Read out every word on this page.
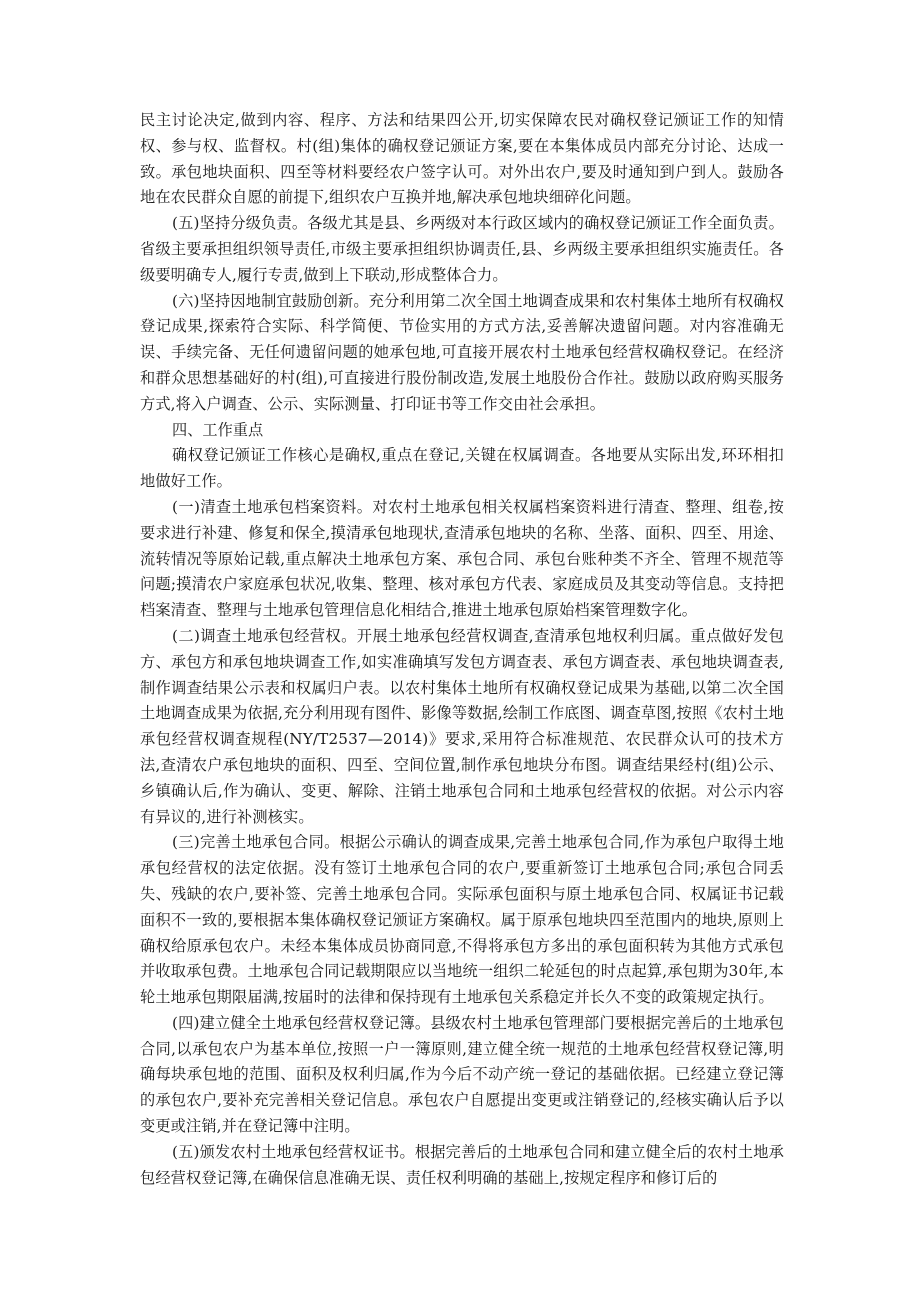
民主讨论决定,做到内容、程序、方法和结果四公开,切实保障农民对确权登记颁证工作的知情权、参与权、监督权。村(组)集体的确权登记颁证方案,要在本集体成员内部充分讨论、达成一致。承包地块面积、四至等材料要经农户签字认可。对外出农户,要及时通知到户到人。鼓励各地在农民群众自愿的前提下,组织农户互换并地,解决承包地块细碎化问题。

(五)坚持分级负责。各级尤其是县、乡两级对本行政区域内的确权登记颁证工作全面负责。省级主要承担组织领导责任,市级主要承担组织协调责任,县、乡两级主要承担组织实施责任。各级要明确专人,履行专责,做到上下联动,形成整体合力。

(六)坚持因地制宜鼓励创新。充分利用第二次全国土地调查成果和农村集体土地所有权确权登记成果,探索符合实际、科学简便、节俭实用的方式方法,妥善解决遗留问题。对内容准确无误、手续完备、无任何遗留问题的她承包地,可直接开展农村土地承包经营权确权登记。在经济和群众思想基础好的村(组),可直接进行股份制改造,发展土地股份合作社。鼓励以政府购买服务方式,将入户调查、公示、实际测量、打印证书等工作交由社会承担。

四、工作重点

确权登记颁证工作核心是确权,重点在登记,关键在权属调查。各地要从实际出发,环环相扣地做好工作。

(一)清查土地承包档案资料。对农村土地承包相关权属档案资料进行清查、整理、组卷,按要求进行补建、修复和保全,摸清承包地现状,查清承包地块的名称、坐落、面积、四至、用途、流转情况等原始记载,重点解决土地承包方案、承包合同、承包台账种类不齐全、管理不规范等问题;摸清农户家庭承包状况,收集、整理、核对承包方代表、家庭成员及其变动等信息。支持把档案清查、整理与土地承包管理信息化相结合,推进土地承包原始档案管理数字化。

(二)调查土地承包经营权。开展土地承包经营权调查,查清承包地权利归属。重点做好发包方、承包方和承包地块调查工作,如实准确填写发包方调查表、承包方调查表、承包地块调查表,制作调查结果公示表和权属归户表。以农村集体土地所有权确权登记成果为基础,以第二次全国土地调查成果为依据,充分利用现有图件、影像等数据,绘制工作底图、调查草图,按照《农村土地承包经营权调查规程(NY/T2537—2014)》要求,采用符合标准规范、农民群众认可的技术方法,查清农户承包地块的面积、四至、空间位置,制作承包地块分布图。调查结果经村(组)公示、乡镇确认后,作为确认、变更、解除、注销土地承包合同和土地承包经营权的依据。对公示内容有异议的,进行补测核实。

(三)完善土地承包合同。根据公示确认的调查成果,完善土地承包合同,作为承包户取得土地承包经营权的法定依据。没有签订土地承包合同的农户,要重新签订土地承包合同;承包合同丢失、残缺的农户,要补签、完善土地承包合同。实际承包面积与原土地承包合同、权属证书记载面积不一致的,要根据本集体确权登记颁证方案确权。属于原承包地块四至范围内的地块,原则上确权给原承包农户。未经本集体成员协商同意,不得将承包方多出的承包面积转为其他方式承包并收取承包费。土地承包合同记载期限应以当地统一组织二轮延包的时点起算,承包期为30年,本轮土地承包期限届满,按届时的法律和保持现有土地承包关系稳定并长久不变的政策规定执行。

(四)建立健全土地承包经营权登记簿。县级农村土地承包管理部门要根据完善后的土地承包合同,以承包农户为基本单位,按照一户一簿原则,建立健全统一规范的土地承包经营权登记簿,明确每块承包地的范围、面积及权利归属,作为今后不动产统一登记的基础依据。已经建立登记簿的承包农户,要补充完善相关登记信息。承包农户自愿提出变更或注销登记的,经核实确认后予以变更或注销,并在登记簿中注明。

(五)颁发农村土地承包经营权证书。根据完善后的土地承包合同和建立健全后的农村土地承包经营权登记簿,在确保信息准确无误、责任权利明确的基础上,按规定程序和修订后的
